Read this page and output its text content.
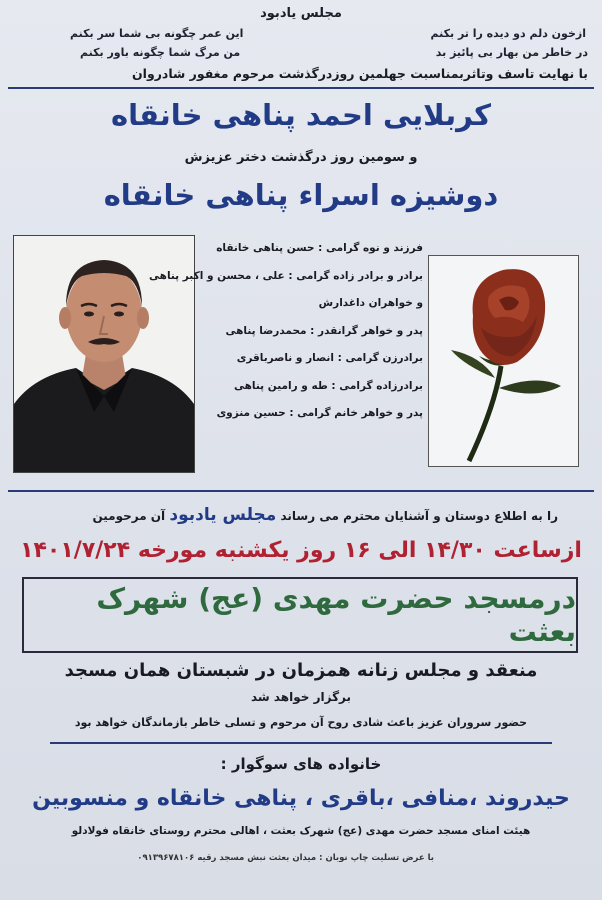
مجلس یادبود
ازخون دلم دو دیده را تر بکنم
این عمر چگونه بی شما سر بکنم
در خاطر من بهار بی پائیز بد
من مرگ شما چگونه باور بکنم
با نهایت تاسف وتاثربمناسبت جهلمین روزدرگذشت مرحوم مغفور شادروان
کربلایی احمد پناهی خانقاه
و سومین روز درگذشت دختر عزیزش
دوشیزه اسراء پناهی خانقاه
فرزند و نوه گرامی : حسن پناهی خانقاه
برادر و برادر زاده گرامی : علی ، محسن و اکبر پناهی
و خواهران داغدارش
پدر و خواهر گرانقدر : محمدرضا پناهی
برادرزن گرامی : انصار و ناصرباقری
برادرزاده گرامی : طه و رامین پناهی
پدر و خواهر خانم گرامی : حسین منزوی
را به اطلاع دوستان و آشنایان محترم می رساند مجلس یادبود آن مرحومین
ازساعت ۱۴/۳۰ الی ۱۶ روز یکشنبه مورخه ۱۴۰۱/۷/۲۴
درمسجد حضرت مهدی (عج) شهرک بعثت
منعقد و مجلس زنانه همزمان در شبستان همان مسجد
برگزار خواهد شد
حضور سروران عزیز باعث شادی روح آن مرحوم و تسلی خاطر بازماندگان خواهد بود
خانواده های سوگوار :
حیدروند ،منافی ،باقری ، پناهی خانقاه و منسوبین
هیئت امنای مسجد حضرت مهدی (عج) شهرک بعثت ، اهالی محترم روستای خانقاه فولادلو
با عرض تسلیت چاپ نوبان : میدان بعثت نبش مسجد رقیه ۰۹۱۳۹۶۷۸۱۰۶
